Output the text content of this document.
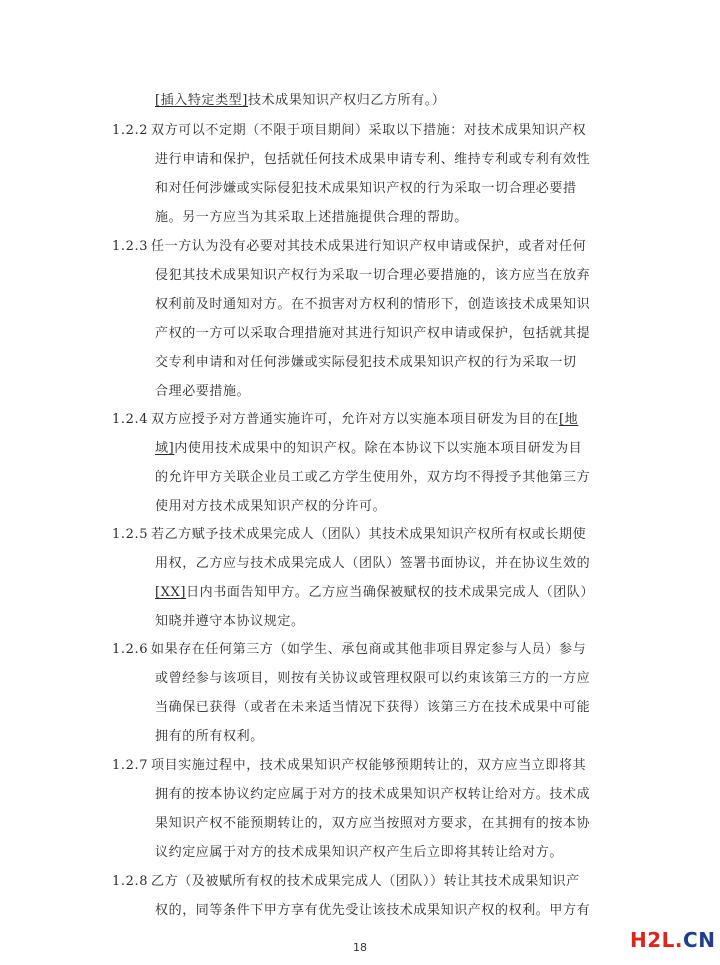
[插入特定类型]技术成果知识产权归乙方所有。）
1.2.2 双方可以不定期（不限于项目期间）采取以下措施：对技术成果知识产权
进行申请和保护，包括就任何技术成果申请专利、维持专利或专利有效性
和对任何涉嫌或实际侵犯技术成果知识产权的行为采取一切合理必要措
施。另一方应当为其采取上述措施提供合理的帮助。
1.2.3 任一方认为没有必要对其技术成果进行知识产权申请或保护，或者对任何
侵犯其技术成果知识产权行为采取一切合理必要措施的，该方应当在放弃
权利前及时通知对方。在不损害对方权利的情形下，创造该技术成果知识
产权的一方可以采取合理措施对其进行知识产权申请或保护，包括就其提
交专利申请和对任何涉嫌或实际侵犯技术成果知识产权的行为采取一切
合理必要措施。
1.2.4 双方应授予对方普通实施许可，允许对方以实施本项目研发为目的在[地
域]内使用技术成果中的知识产权。除在本协议下以实施本项目研发为目
的允许甲方关联企业员工或乙方学生使用外，双方均不得授予其他第三方
使用对方技术成果知识产权的分许可。
1.2.5 若乙方赋予技术成果完成人（团队）其技术成果知识产权所有权或长期使
用权，乙方应与技术成果完成人（团队）签署书面协议，并在协议生效的
[XX]日内书面告知甲方。乙方应当确保被赋权的技术成果完成人（团队）
知晓并遵守本协议规定。
1.2.6 如果存在任何第三方（如学生、承包商或其他非项目界定参与人员）参与
或曾经参与该项目，则按有关协议或管理权限可以约束该第三方的一方应
当确保已获得（或者在未来适当情况下获得）该第三方在技术成果中可能
拥有的所有权利。
1.2.7 项目实施过程中，技术成果知识产权能够预期转让的，双方应当立即将其
拥有的按本协议约定应属于对方的技术成果知识产权转让给对方。技术成
果知识产权不能预期转让的，双方应当按照对方要求，在其拥有的按本协
议约定应属于对方的技术成果知识产权产生后立即将其转让给对方。
1.2.8 乙方（及被赋所有权的技术成果完成人（团队））转让其技术成果知识产
权的，同等条件下甲方享有优先受让该技术成果知识产权的权利。甲方有
18	H2L.CN
